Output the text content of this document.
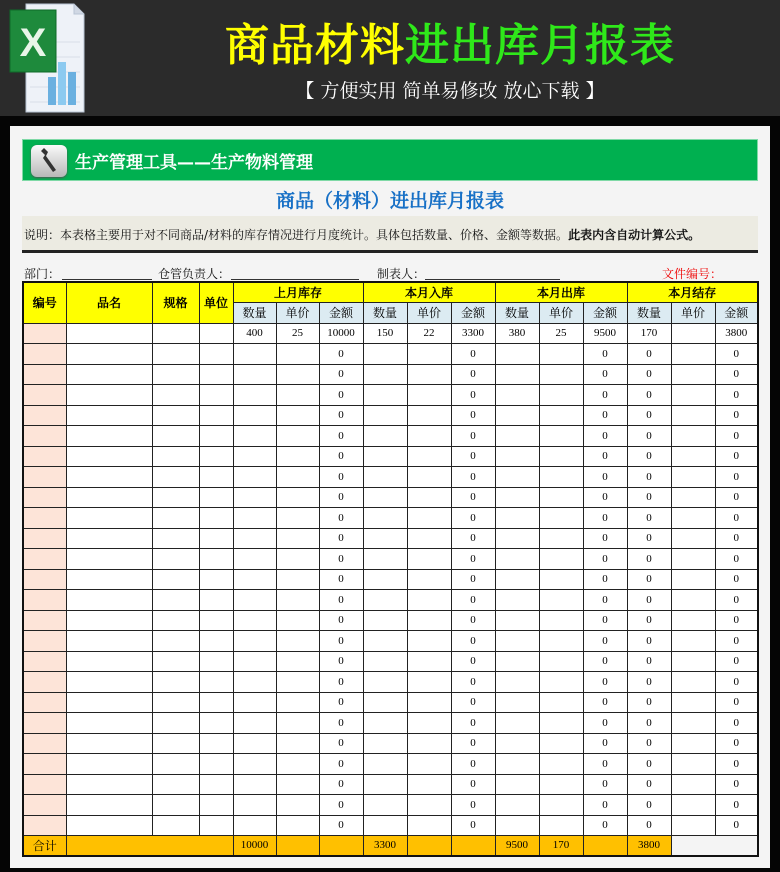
X	商品材料进出库月报表
【 方便实用 简单易修改 放心下载 】
生产管理工具——生产物料管理
商品（材料）进出库月报表
说明：本表格主要用于对不同商品/材料的库存情况进行月度统计。具体包括数量、价格、金额等数据。此表内含自动计算公式。
部门：	仓管负责人：	制表人：	文件编号：
编号	品名	规格	单位	上月库存			本月入库			本月出库			本月结存		
				数量	单价	金额	数量	单价	金额	数量	单价	金额	数量	单价	金额
				400	25	10000	150	22	3300	380	25	9500	170		3800
						0			0			0	0		0
						0			0			0	0		0
						0			0			0	0		0
						0			0			0	0		0
						0			0			0	0		0
						0			0			0	0		0
						0			0			0	0		0
						0			0			0	0		0
						0			0			0	0		0
						0			0			0	0		0
						0			0			0	0		0
						0			0			0	0		0
						0			0			0	0		0
						0			0			0	0		0
						0			0			0	0		0
						0			0			0	0		0
						0			0			0	0		0
						0			0			0	0		0
						0			0			0	0		0
						0			0			0	0		0
						0			0			0	0		0
						0			0			0	0		0
						0			0			0	0		0
						0			0			0	0		0
合计				10000			3300			9500	170		3800		
